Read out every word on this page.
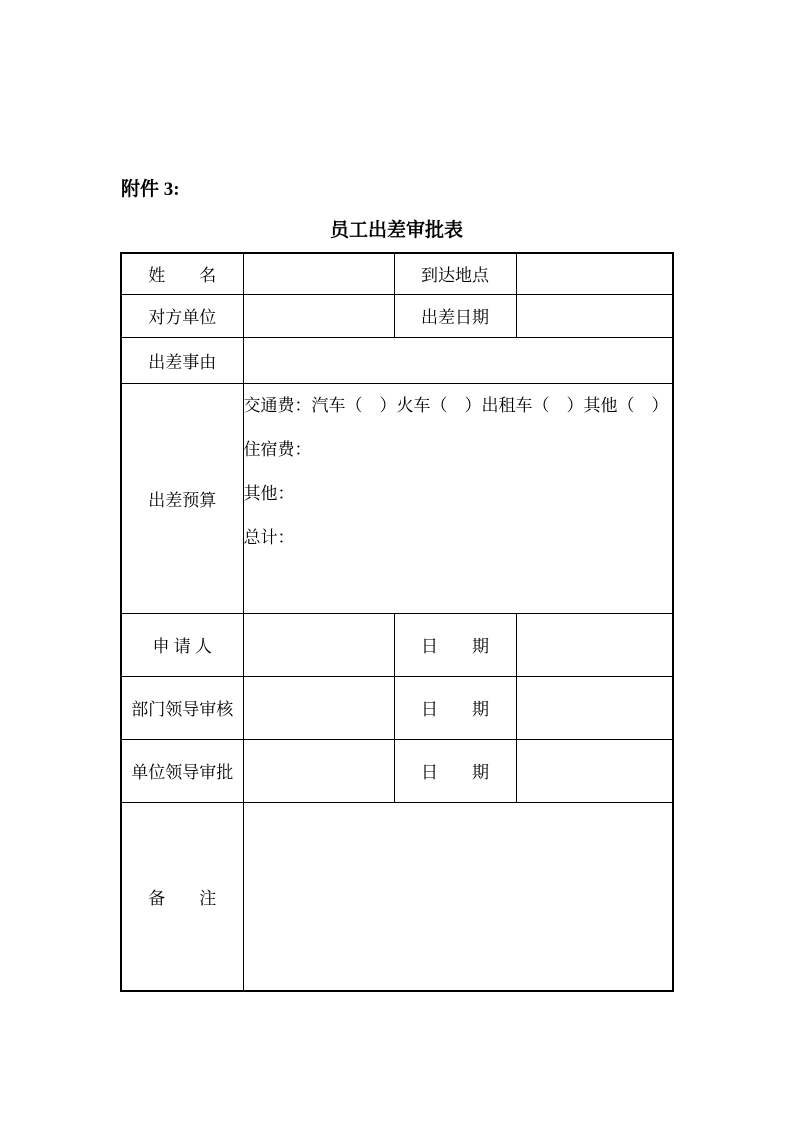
附件 3:
员工出差审批表
姓　　名		到达地点	
对方单位		出差日期	
出差事由			
出差预算	交通费：汽车（　）火车（　）出租车（　）其他（　）
住宿费：
其他：
总计：		

申 请 人		日　　期	
部门领导审核		日　　期	
单位领导审批		日　　期	
备　　注			
